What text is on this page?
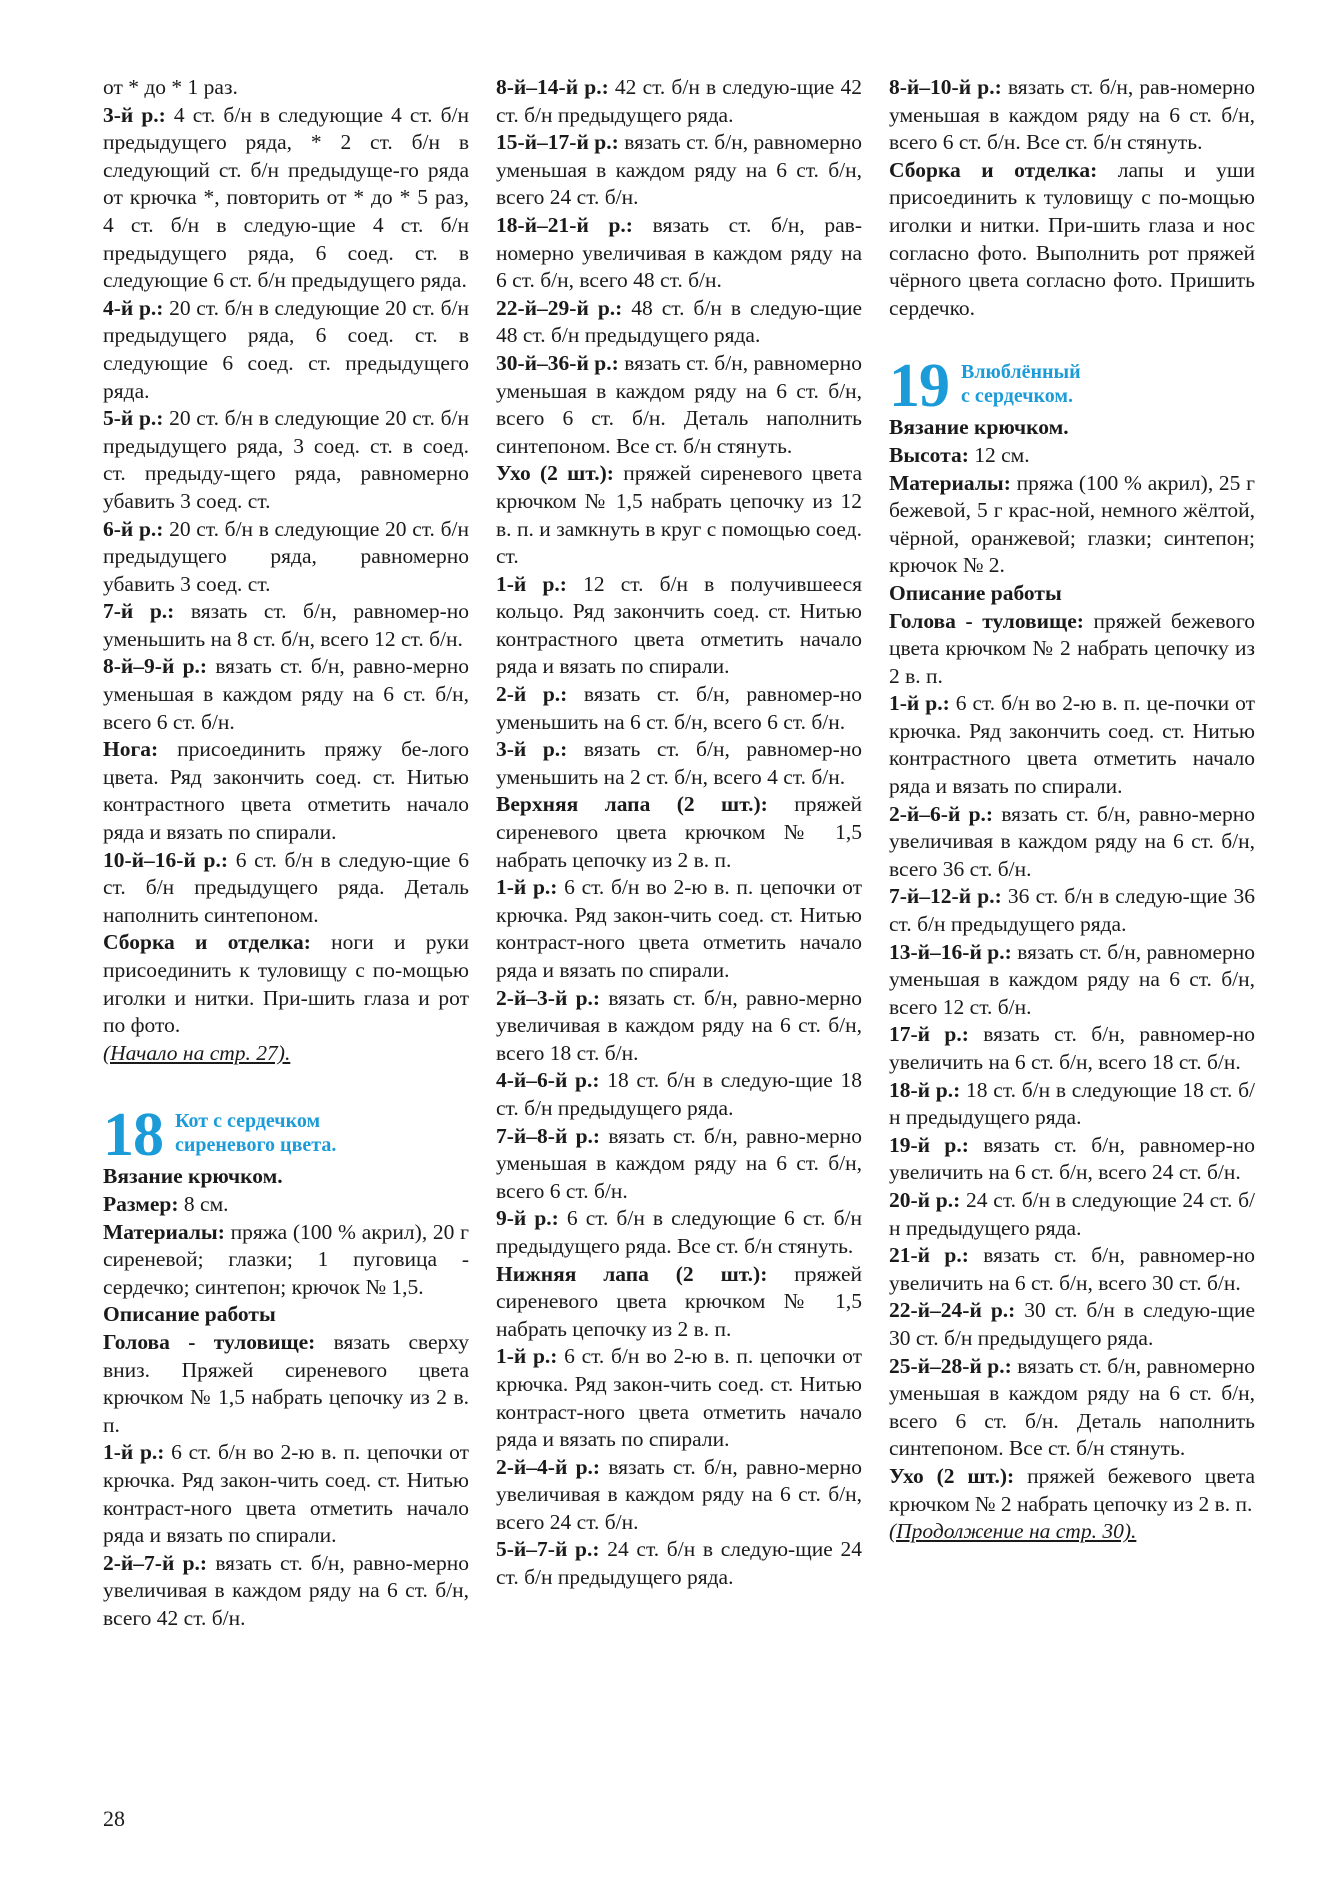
от * до * 1 раз.

3-й р.: 4 ст. б/н в следующие 4 ст. б/н предыдущего ряда, * 2 ст. б/н в следующий ст. б/н предыдуще-го ряда от крючка *, повторить от * до * 5 раз, 4 ст. б/н в следую-щие 4 ст. б/н предыдущего ряда, 6 соед. ст. в следующие 6 ст. б/н предыдущего ряда.

4-й р.: 20 ст. б/н в следующие 20 ст. б/н предыдущего ряда, 6 соед. ст. в следующие 6 соед. ст. предыдущего ряда.

5-й р.: 20 ст. б/н в следующие 20 ст. б/н предыдущего ряда, 3 соед. ст. в соед. ст. предыду-щего ряда, равномерно убавить 3 соед. ст.

6-й р.: 20 ст. б/н в следующие 20 ст. б/н предыдущего ряда, равномерно убавить 3 соед. ст.

7-й р.: вязать ст. б/н, равномер-но уменьшить на 8 ст. б/н, всего 12 ст. б/н.

8-й–9-й р.: вязать ст. б/н, равно-мерно уменьшая в каждом ряду на 6 ст. б/н, всего 6 ст. б/н.

Нога: присоединить пряжу бе-лого цвета. Ряд закончить соед. ст. Нитью контрастного цвета отметить начало ряда и вязать по спирали.

10-й–16-й р.: 6 ст. б/н в следую-щие 6 ст. б/н предыдущего ряда. Деталь наполнить синтепоном.

Сборка и отделка: ноги и руки присоединить к туловищу с по-мощью иголки и нитки. При-шить глаза и рот по фото.

(Начало на стр. 27).

18 Кот с сердечком
сиреневого цвета.

Вязание крючком.

Размер: 8 см.

Материалы: пряжа (100 % акрил), 20 г сиреневой; глазки; 1 пуговица - сердечко; синтепон; крючок № 1,5.

Описание работы

Голова - туловище: вязать сверху вниз. Пряжей сиреневого цвета крючком № 1,5 набрать цепочку из 2 в. п.

1-й р.: 6 ст. б/н во 2-ю в. п. цепочки от крючка. Ряд закон-чить соед. ст. Нитью контраст-ного цвета отметить начало ряда и вязать по спирали.

2-й–7-й р.: вязать ст. б/н, равно-мерно увеличивая в каждом ряду на 6 ст. б/н, всего 42 ст. б/н.

8-й–14-й р.: 42 ст. б/н в следую-щие 42 ст. б/н предыдущего ряда.

15-й–17-й р.: вязать ст. б/н, равномерно уменьшая в каждом ряду на 6 ст. б/н, всего 24 ст. б/н.

18-й–21-й р.: вязать ст. б/н, рав-номерно увеличивая в каждом ряду на 6 ст. б/н, всего 48 ст. б/н.

22-й–29-й р.: 48 ст. б/н в следую-щие 48 ст. б/н предыдущего ряда.

30-й–36-й р.: вязать ст. б/н, равномерно уменьшая в каждом ряду на 6 ст. б/н, всего 6 ст. б/н. Деталь наполнить синтепоном. Все ст. б/н стянуть.

Ухо (2 шт.): пряжей сиреневого цвета крючком № 1,5 набрать цепочку из 12 в. п. и замкнуть в круг с помощью соед. ст.

1-й р.: 12 ст. б/н в получившееся кольцо. Ряд закончить соед. ст. Нитью контрастного цвета отметить начало ряда и вязать по спирали.

2-й р.: вязать ст. б/н, равномер-но уменьшить на 6 ст. б/н, всего 6 ст. б/н.

3-й р.: вязать ст. б/н, равномер-но уменьшить на 2 ст. б/н, всего 4 ст. б/н.

Верхняя лапа (2 шт.): пряжей сиреневого цвета крючком № 1,5 набрать цепочку из 2 в. п.

1-й р.: 6 ст. б/н во 2-ю в. п. цепочки от крючка. Ряд закон-чить соед. ст. Нитью контраст-ного цвета отметить начало ряда и вязать по спирали.

2-й–3-й р.: вязать ст. б/н, равно-мерно увеличивая в каждом ряду на 6 ст. б/н, всего 18 ст. б/н.

4-й–6-й р.: 18 ст. б/н в следую-щие 18 ст. б/н предыдущего ряда.

7-й–8-й р.: вязать ст. б/н, равно-мерно уменьшая в каждом ряду на 6 ст. б/н, всего 6 ст. б/н.

9-й р.: 6 ст. б/н в следующие 6 ст. б/н предыдущего ряда. Все ст. б/н стянуть.

Нижняя лапа (2 шт.): пряжей сиреневого цвета крючком № 1,5 набрать цепочку из 2 в. п.

1-й р.: 6 ст. б/н во 2-ю в. п. цепочки от крючка. Ряд закон-чить соед. ст. Нитью контраст-ного цвета отметить начало ряда и вязать по спирали.

2-й–4-й р.: вязать ст. б/н, равно-мерно увеличивая в каждом ряду на 6 ст. б/н, всего 24 ст. б/н.

5-й–7-й р.: 24 ст. б/н в следую-щие 24 ст. б/н предыдущего ряда.

8-й–10-й р.: вязать ст. б/н, рав-номерно уменьшая в каждом ряду на 6 ст. б/н, всего 6 ст. б/н. Все ст. б/н стянуть.

Сборка и отделка: лапы и уши присоединить к туловищу с по-мощью иголки и нитки. При-шить глаза и нос согласно фото. Выполнить рот пряжей чёрного цвета согласно фото. Пришить сердечко.

19 Влюблённый
с сердечком.

Вязание крючком.

Высота: 12 см.

Материалы: пряжа (100 % акрил), 25 г бежевой, 5 г крас-ной, немного жёлтой, чёрной, оранжевой; глазки; синтепон; крючок № 2.

Описание работы

Голова - туловище: пряжей бежевого цвета крючком № 2 набрать цепочку из 2 в. п.

1-й р.: 6 ст. б/н во 2-ю в. п. це-почки от крючка. Ряд закончить соед. ст. Нитью контрастного цвета отметить начало ряда и вязать по спирали.

2-й–6-й р.: вязать ст. б/н, равно-мерно увеличивая в каждом ряду на 6 ст. б/н, всего 36 ст. б/н.

7-й–12-й р.: 36 ст. б/н в следую-щие 36 ст. б/н предыдущего ряда.

13-й–16-й р.: вязать ст. б/н, равномерно уменьшая в каждом ряду на 6 ст. б/н, всего 12 ст. б/н.

17-й р.: вязать ст. б/н, равномер-но увеличить на 6 ст. б/н, всего 18 ст. б/н.

18-й р.: 18 ст. б/н в следующие 18 ст. б/н предыдущего ряда.

19-й р.: вязать ст. б/н, равномер-но увеличить на 6 ст. б/н, всего 24 ст. б/н.

20-й р.: 24 ст. б/н в следующие 24 ст. б/н предыдущего ряда.

21-й р.: вязать ст. б/н, равномер-но увеличить на 6 ст. б/н, всего 30 ст. б/н.

22-й–24-й р.: 30 ст. б/н в следую-щие 30 ст. б/н предыдущего ряда.

25-й–28-й р.: вязать ст. б/н, равномерно уменьшая в каждом ряду на 6 ст. б/н, всего 6 ст. б/н. Деталь наполнить синтепоном. Все ст. б/н стянуть.

Ухо (2 шт.): пряжей бежевого цвета крючком № 2 набрать цепочку из 2 в. п.

(Продолжение на стр. 30).

28
